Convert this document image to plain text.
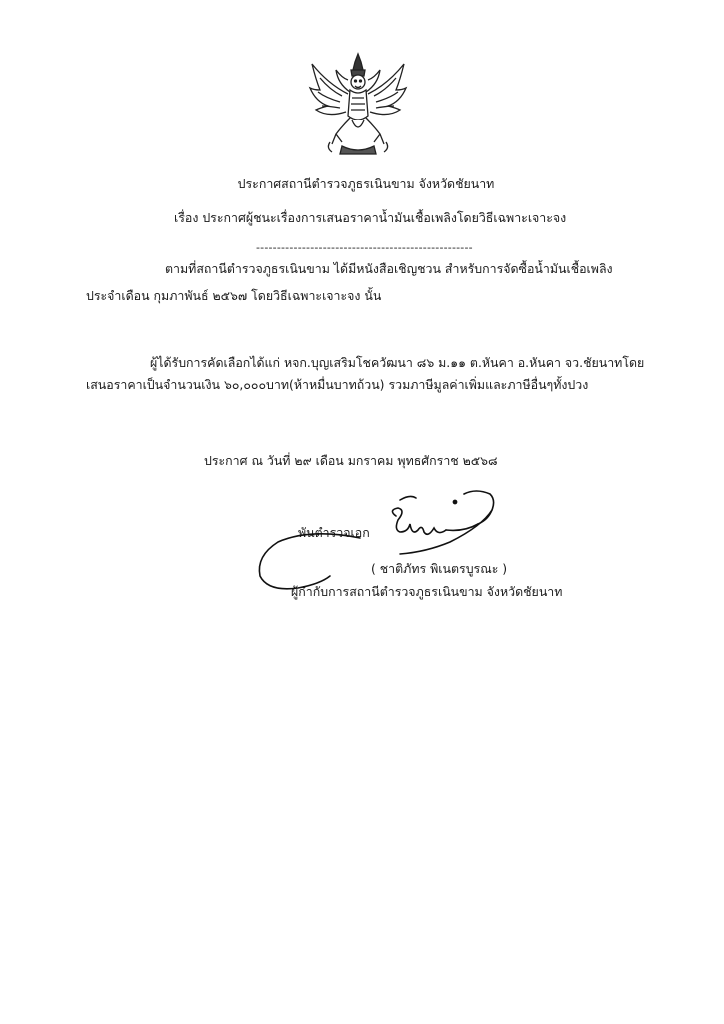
ประกาศสถานีตำรวจภูธรเนินขาม จังหวัดชัยนาท
เรื่อง ประกาศผู้ชนะเรื่องการเสนอราคาน้ำมันเชื้อเพลิงโดยวิธีเฉพาะเจาะจง
----------------------------------------------------
ตามที่สถานีตำรวจภูธรเนินขาม ได้มีหนังสือเชิญชวน สำหรับการจัดซื้อน้ำมันเชื้อเพลิง
ประจำเดือน กุมภาพันธ์ ๒๕๖๗ โดยวิธีเฉพาะเจาะจง นั้น
ผู้ได้รับการคัดเลือกได้แก่ หจก.บุญเสริมโชควัฒนา ๘๖ ม.๑๑ ต.หันคา อ.หันคา จว.ชัยนาทโดย
เสนอราคาเป็นจำนวนเงิน ๖๐,๐๐๐บาท(ห้าหมื่นบาทถ้วน) รวมภาษีมูลค่าเพิ่มและภาษีอื่นๆทั้งปวง
ประกาศ ณ วันที่ ๒๙ เดือน มกราคม พุทธศักราช ๒๕๖๘
พันตำรวจเอก
( ชาติภัทร พิเนตรบูรณะ )
ผู้กำกับการสถานีตำรวจภูธรเนินขาม จังหวัดชัยนาท
